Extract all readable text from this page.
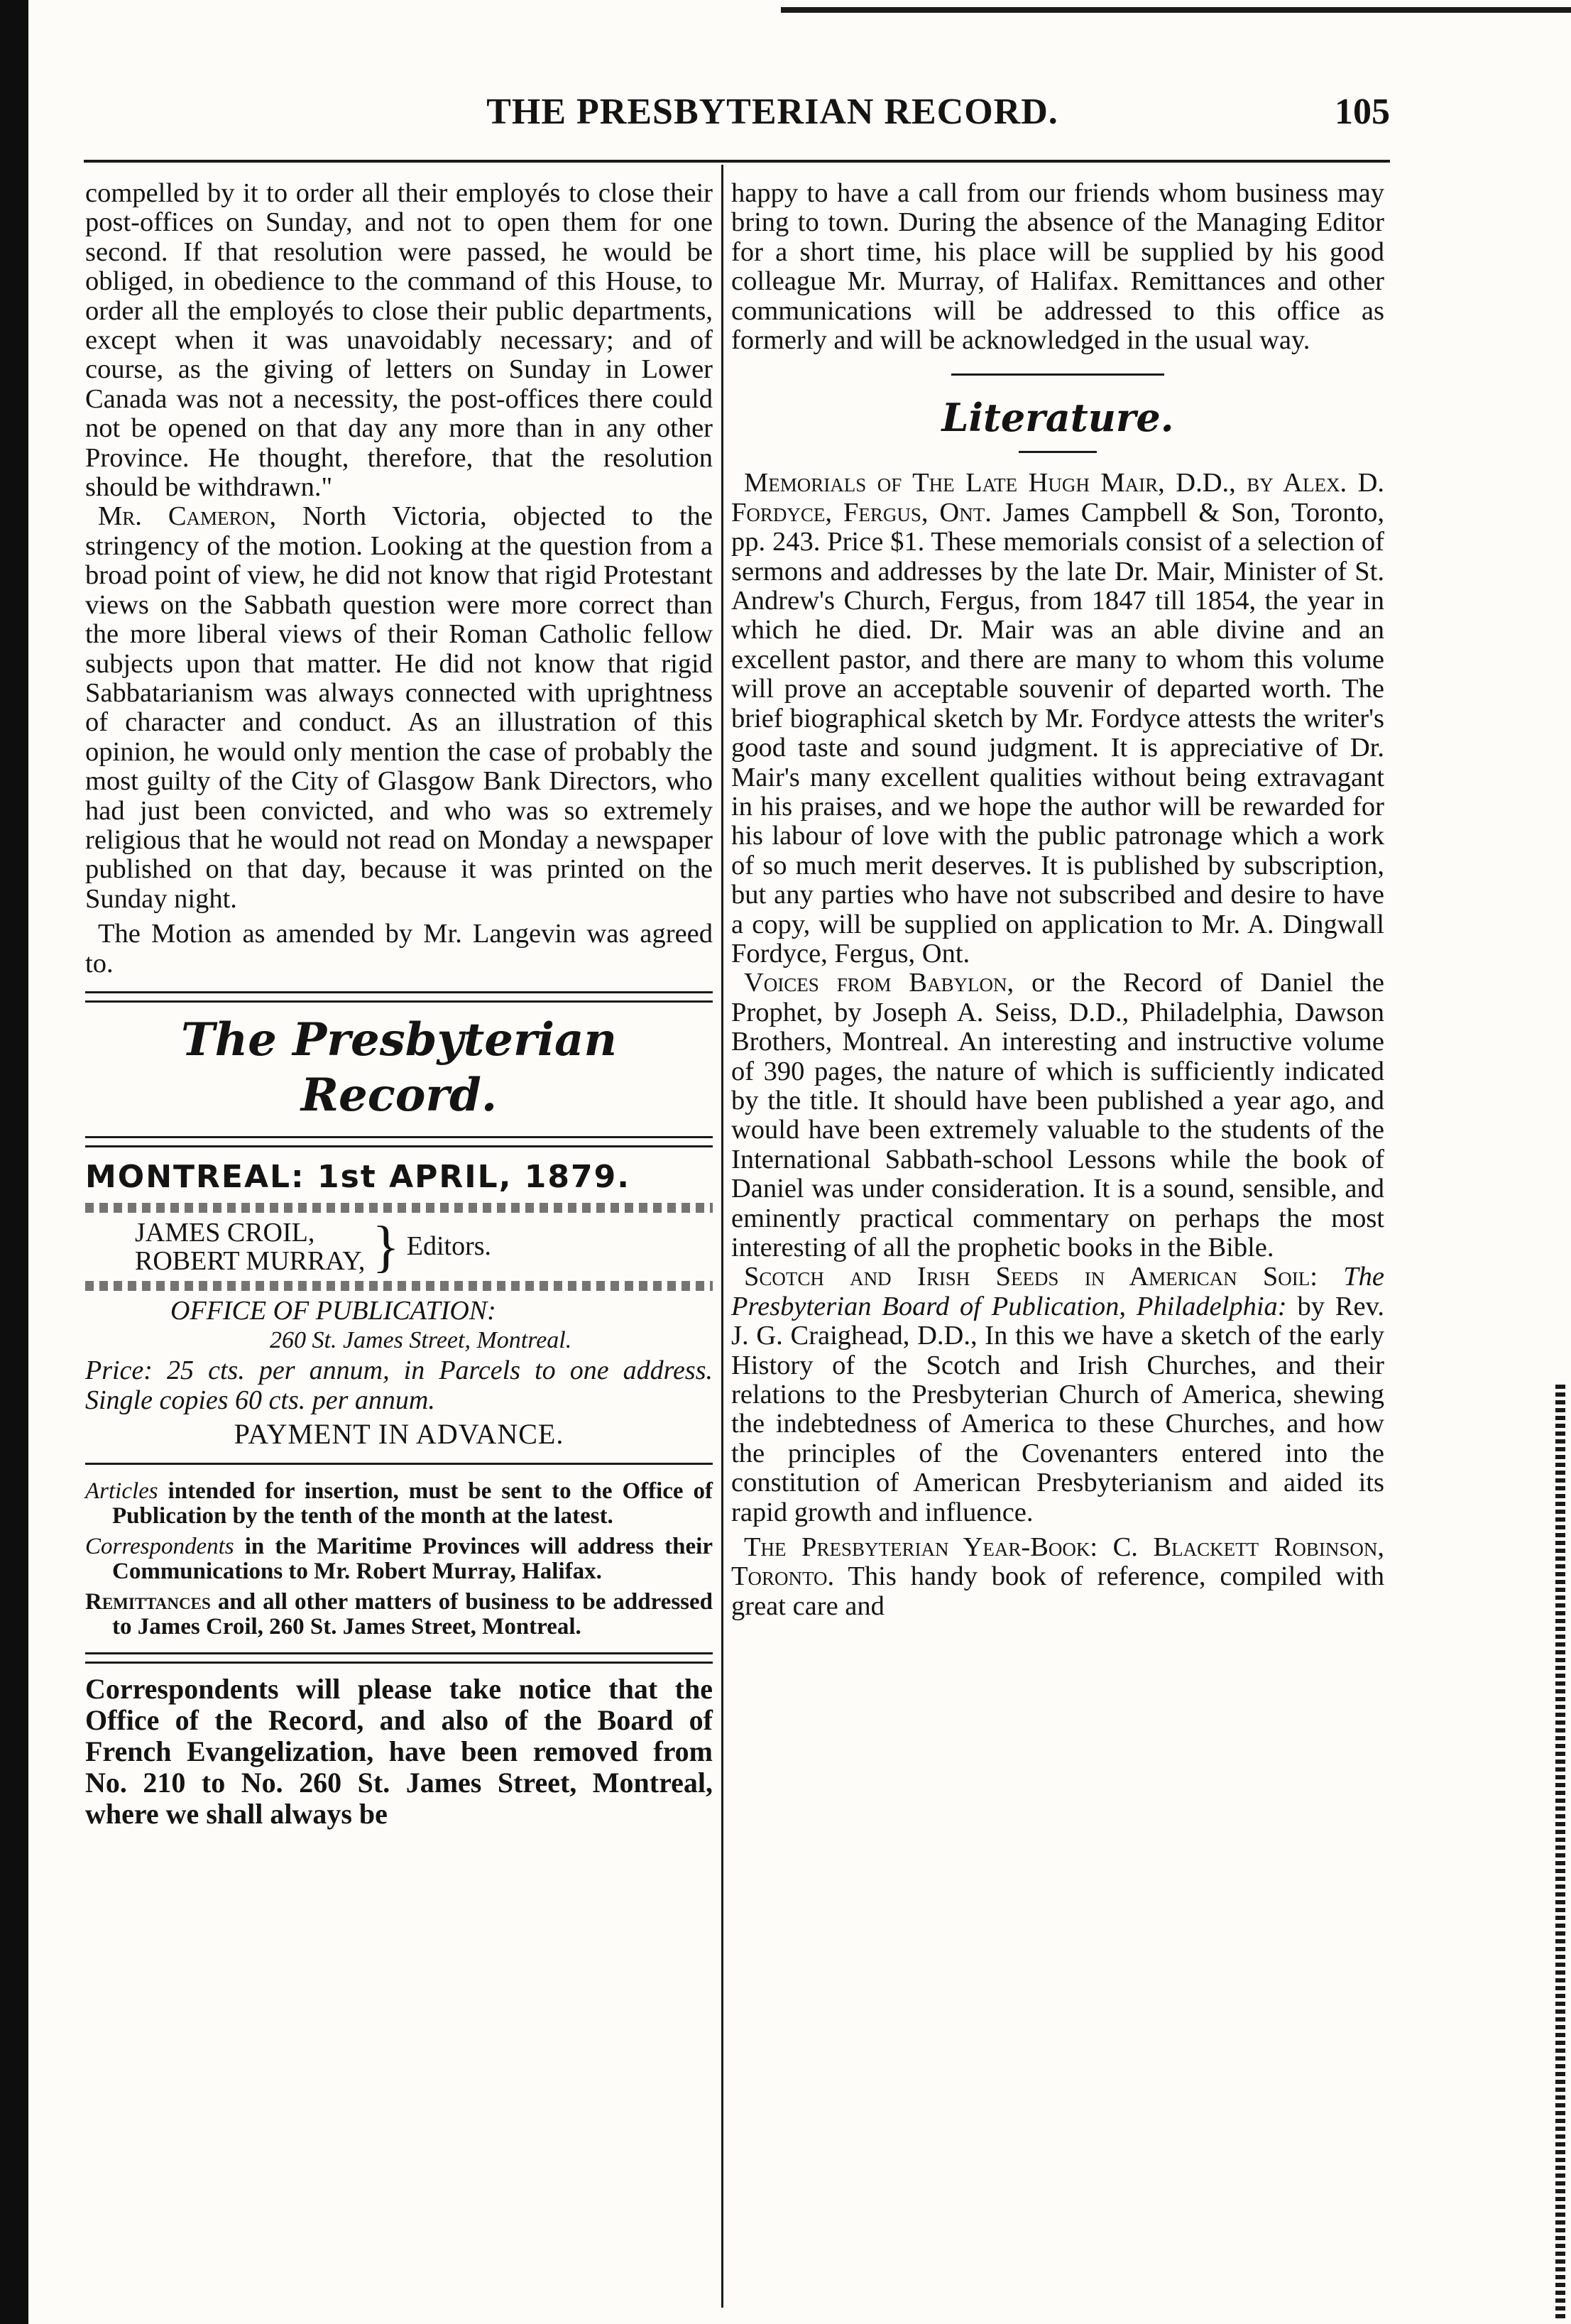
THE PRESBYTERIAN RECORD.	105

compelled by it to order all their employés to close their post-offices on Sunday, and not to open them for one second. If that resolution were passed, he would be obliged, in obedience to the command of this House, to order all the employés to close their public departments, except when it was unavoidably necessary; and of course, as the giving of letters on Sunday in Lower Canada was not a necessity, the post-offices there could not be opened on that day any more than in any other Province. He thought, therefore, that the resolution should be withdrawn."

Mr. Cameron, North Victoria, objected to the stringency of the motion. Looking at the question from a broad point of view, he did not know that rigid Protestant views on the Sabbath question were more correct than the more liberal views of their Roman Catholic fellow subjects upon that matter. He did not know that rigid Sabbatarianism was always connected with uprightness of character and conduct. As an illustration of this opinion, he would only mention the case of probably the most guilty of the City of Glasgow Bank Directors, who had just been convicted, and who was so extremely religious that he would not read on Monday a newspaper published on that day, because it was printed on the Sunday night.

The Motion as amended by Mr. Langevin was agreed to.

The Presbyterian Record.
MONTREAL: 1st APRIL, 1879.
JAMES CROIL,
ROBERT MURRAY, } Editors.
OFFICE OF PUBLICATION:
260 St. James Street, Montreal.

Price: 25 cts. per annum, in Parcels to one address. Single copies 60 cts. per annum.

PAYMENT IN ADVANCE.

Articles intended for insertion, must be sent to the Office of Publication by the tenth of the month at the latest.

Correspondents in the Maritime Provinces will address their Communications to Mr. Robert Murray, Halifax.

Remittances and all other matters of business to be addressed to James Croil, 260 St. James Street, Montreal.

Correspondents will please take notice that the Office of the Record, and also of the Board of French Evangelization, have been removed from No. 210 to No. 260 St. James Street, Montreal, where we shall always be

happy to have a call from our friends whom business may bring to town. During the absence of the Managing Editor for a short time, his place will be supplied by his good colleague Mr. Murray, of Halifax. Remittances and other communications will be addressed to this office as formerly and will be acknowledged in the usual way.

Literature.

Memorials of The Late Hugh Mair, D.D., by Alex. D. Fordyce, Fergus, Ont. James Campbell & Son, Toronto, pp. 243. Price $1. These memorials consist of a selection of sermons and addresses by the late Dr. Mair, Minister of St. Andrew's Church, Fergus, from 1847 till 1854, the year in which he died. Dr. Mair was an able divine and an excellent pastor, and there are many to whom this volume will prove an acceptable souvenir of departed worth. The brief biographical sketch by Mr. Fordyce attests the writer's good taste and sound judgment. It is appreciative of Dr. Mair's many excellent qualities without being extravagant in his praises, and we hope the author will be rewarded for his labour of love with the public patronage which a work of so much merit deserves. It is published by subscription, but any parties who have not subscribed and desire to have a copy, will be supplied on application to Mr. A. Dingwall Fordyce, Fergus, Ont.

Voices from Babylon, or the Record of Daniel the Prophet, by Joseph A. Seiss, D.D., Philadelphia, Dawson Brothers, Montreal. An interesting and instructive volume of 390 pages, the nature of which is sufficiently indicated by the title. It should have been published a year ago, and would have been extremely valuable to the students of the International Sabbath-school Lessons while the book of Daniel was under consideration. It is a sound, sensible, and eminently practical commentary on perhaps the most interesting of all the prophetic books in the Bible.

Scotch and Irish Seeds in American Soil: The Presbyterian Board of Publication, Philadelphia: by Rev. J. G. Craighead, D.D., In this we have a sketch of the early History of the Scotch and Irish Churches, and their relations to the Presbyterian Church of America, shewing the indebtedness of America to these Churches, and how the principles of the Covenanters entered into the constitution of American Presbyterianism and aided its rapid growth and influence.

The Presbyterian Year-Book: C. Blackett Robinson, Toronto. This handy book of reference, compiled with great care and
